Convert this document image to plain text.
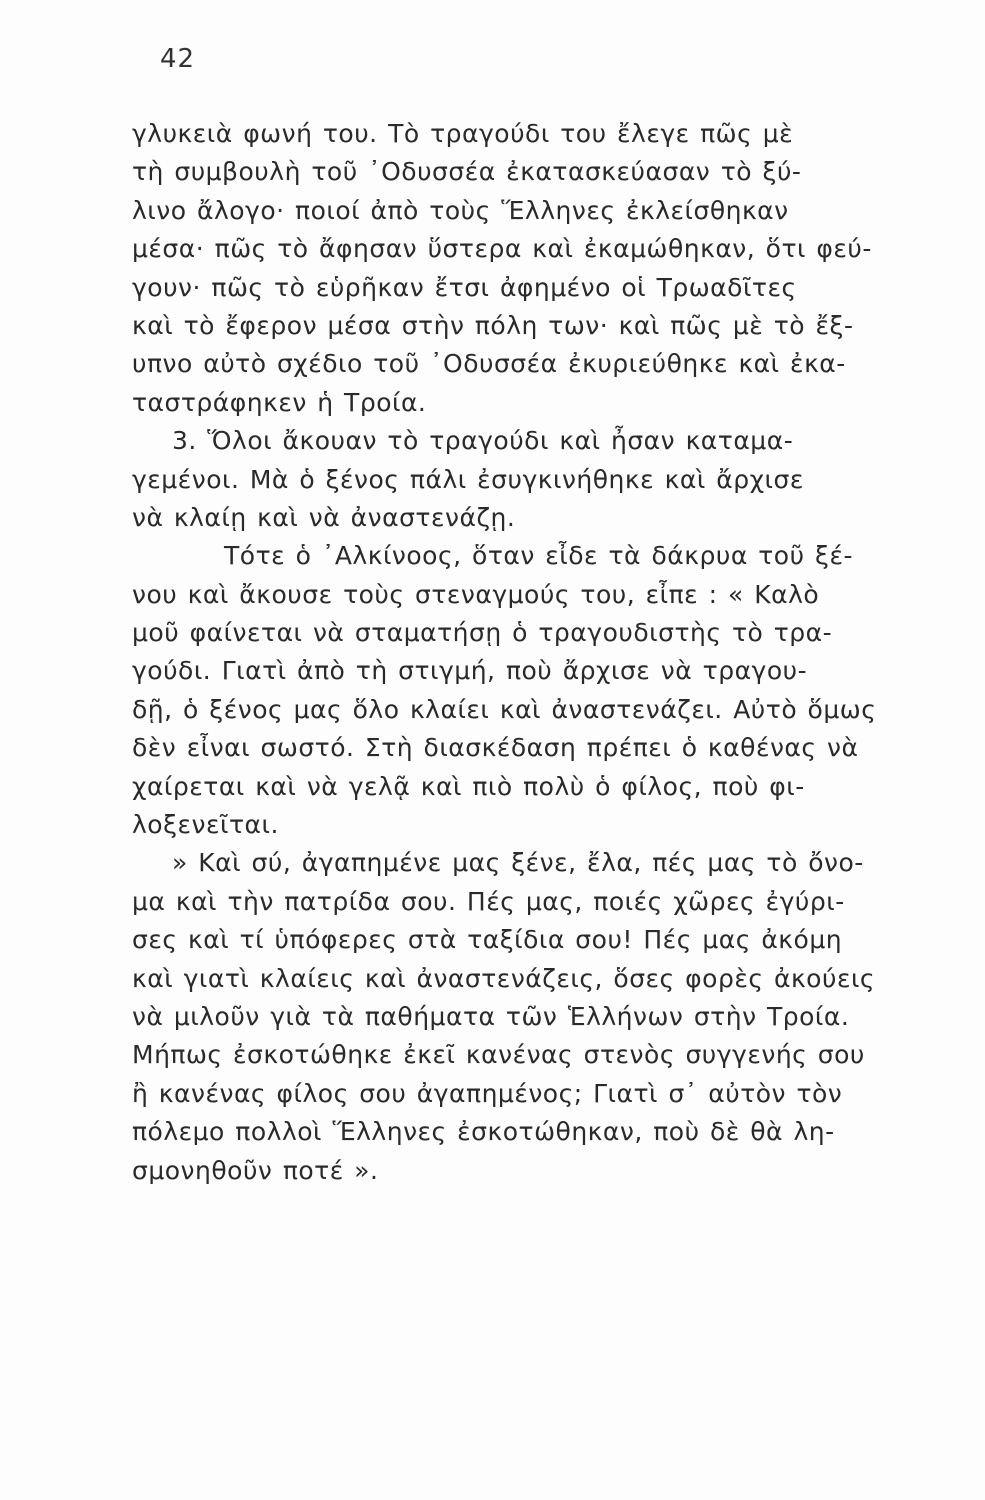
42
γλυκειὰ φωνή του. Τὸ τραγούδι του ἔλεγε πῶς μὲ
τὴ συμβουλὴ τοῦ ᾿Οδυσσέα ἐκατασκεύασαν τὸ ξύ-
λινο ἄλογο· ποιοί ἀπὸ τοὺς Ἕλληνες ἐκλείσθηκαν
μέσα· πῶς τὸ ἄφησαν ὕστερα καὶ ἐκαμώθηκαν, ὅτι φεύ-
γουν· πῶς τὸ εὑρῆκαν ἔτσι ἀφημένο οἱ Τρωαδῖτες
καὶ τὸ ἔφερον μέσα στὴν πόλη των· καὶ πῶς μὲ τὸ ἔξ-
υπνο αὐτὸ σχέδιο τοῦ ᾿Οδυσσέα ἐκυριεύθηκε καὶ ἐκα-
ταστράφηκεν ἡ Τροία.
3. Ὅλοι ἄκουαν τὸ τραγούδι καὶ ἦσαν καταμα-
γεμένοι. Μὰ ὁ ξένος πάλι ἐσυγκινήθηκε καὶ ἄρχισε
νὰ κλαίῃ καὶ νὰ ἀναστενάζῃ.
Τότε ὁ ᾿Αλκίνοος, ὅταν εἶδε τὰ δάκρυα τοῦ ξέ-
νου καὶ ἄκουσε τοὺς στεναγμούς του, εἶπε : « Καλὸ
μοῦ φαίνεται νὰ σταματήσῃ ὁ τραγουδιστὴς τὸ τρα-
γούδι. Γιατὶ ἀπὸ τὴ στιγμή, ποὺ ἄρχισε νὰ τραγου-
δῇ, ὁ ξένος μας ὅλο κλαίει καὶ ἀναστενάζει. Αὐτὸ ὅμως
δὲν εἶναι σωστό. Στὴ διασκέδαση πρέπει ὁ καθένας νὰ
χαίρεται καὶ νὰ γελᾷ καὶ πιὸ πολὺ ὁ φίλος, ποὺ φι-
λοξενεῖται.
» Καὶ σύ, ἀγαπημένε μας ξένε, ἔλα, πές μας τὸ ὄνο-
μα καὶ τὴν πατρίδα σου. Πές μας, ποιές χῶρες ἐγύρι-
σες καὶ τί ὑπόφερες στὰ ταξίδια σου! Πές μας ἀκόμη
καὶ γιατὶ κλαίεις καὶ ἀναστενάζεις, ὅσες φορὲς ἀκούεις
νὰ μιλοῦν γιὰ τὰ παθήματα τῶν Ἑλλήνων στὴν Τροία.
Μήπως ἐσκοτώθηκε ἐκεῖ κανένας στενὸς συγγενής σου
ἢ κανένας φίλος σου ἀγαπημένος; Γιατὶ σ᾿ αὐτὸν τὸν
πόλεμο πολλοὶ Ἕλληνες ἐσκοτώθηκαν, ποὺ δὲ θὰ λη-
σμονηθοῦν ποτέ ».
